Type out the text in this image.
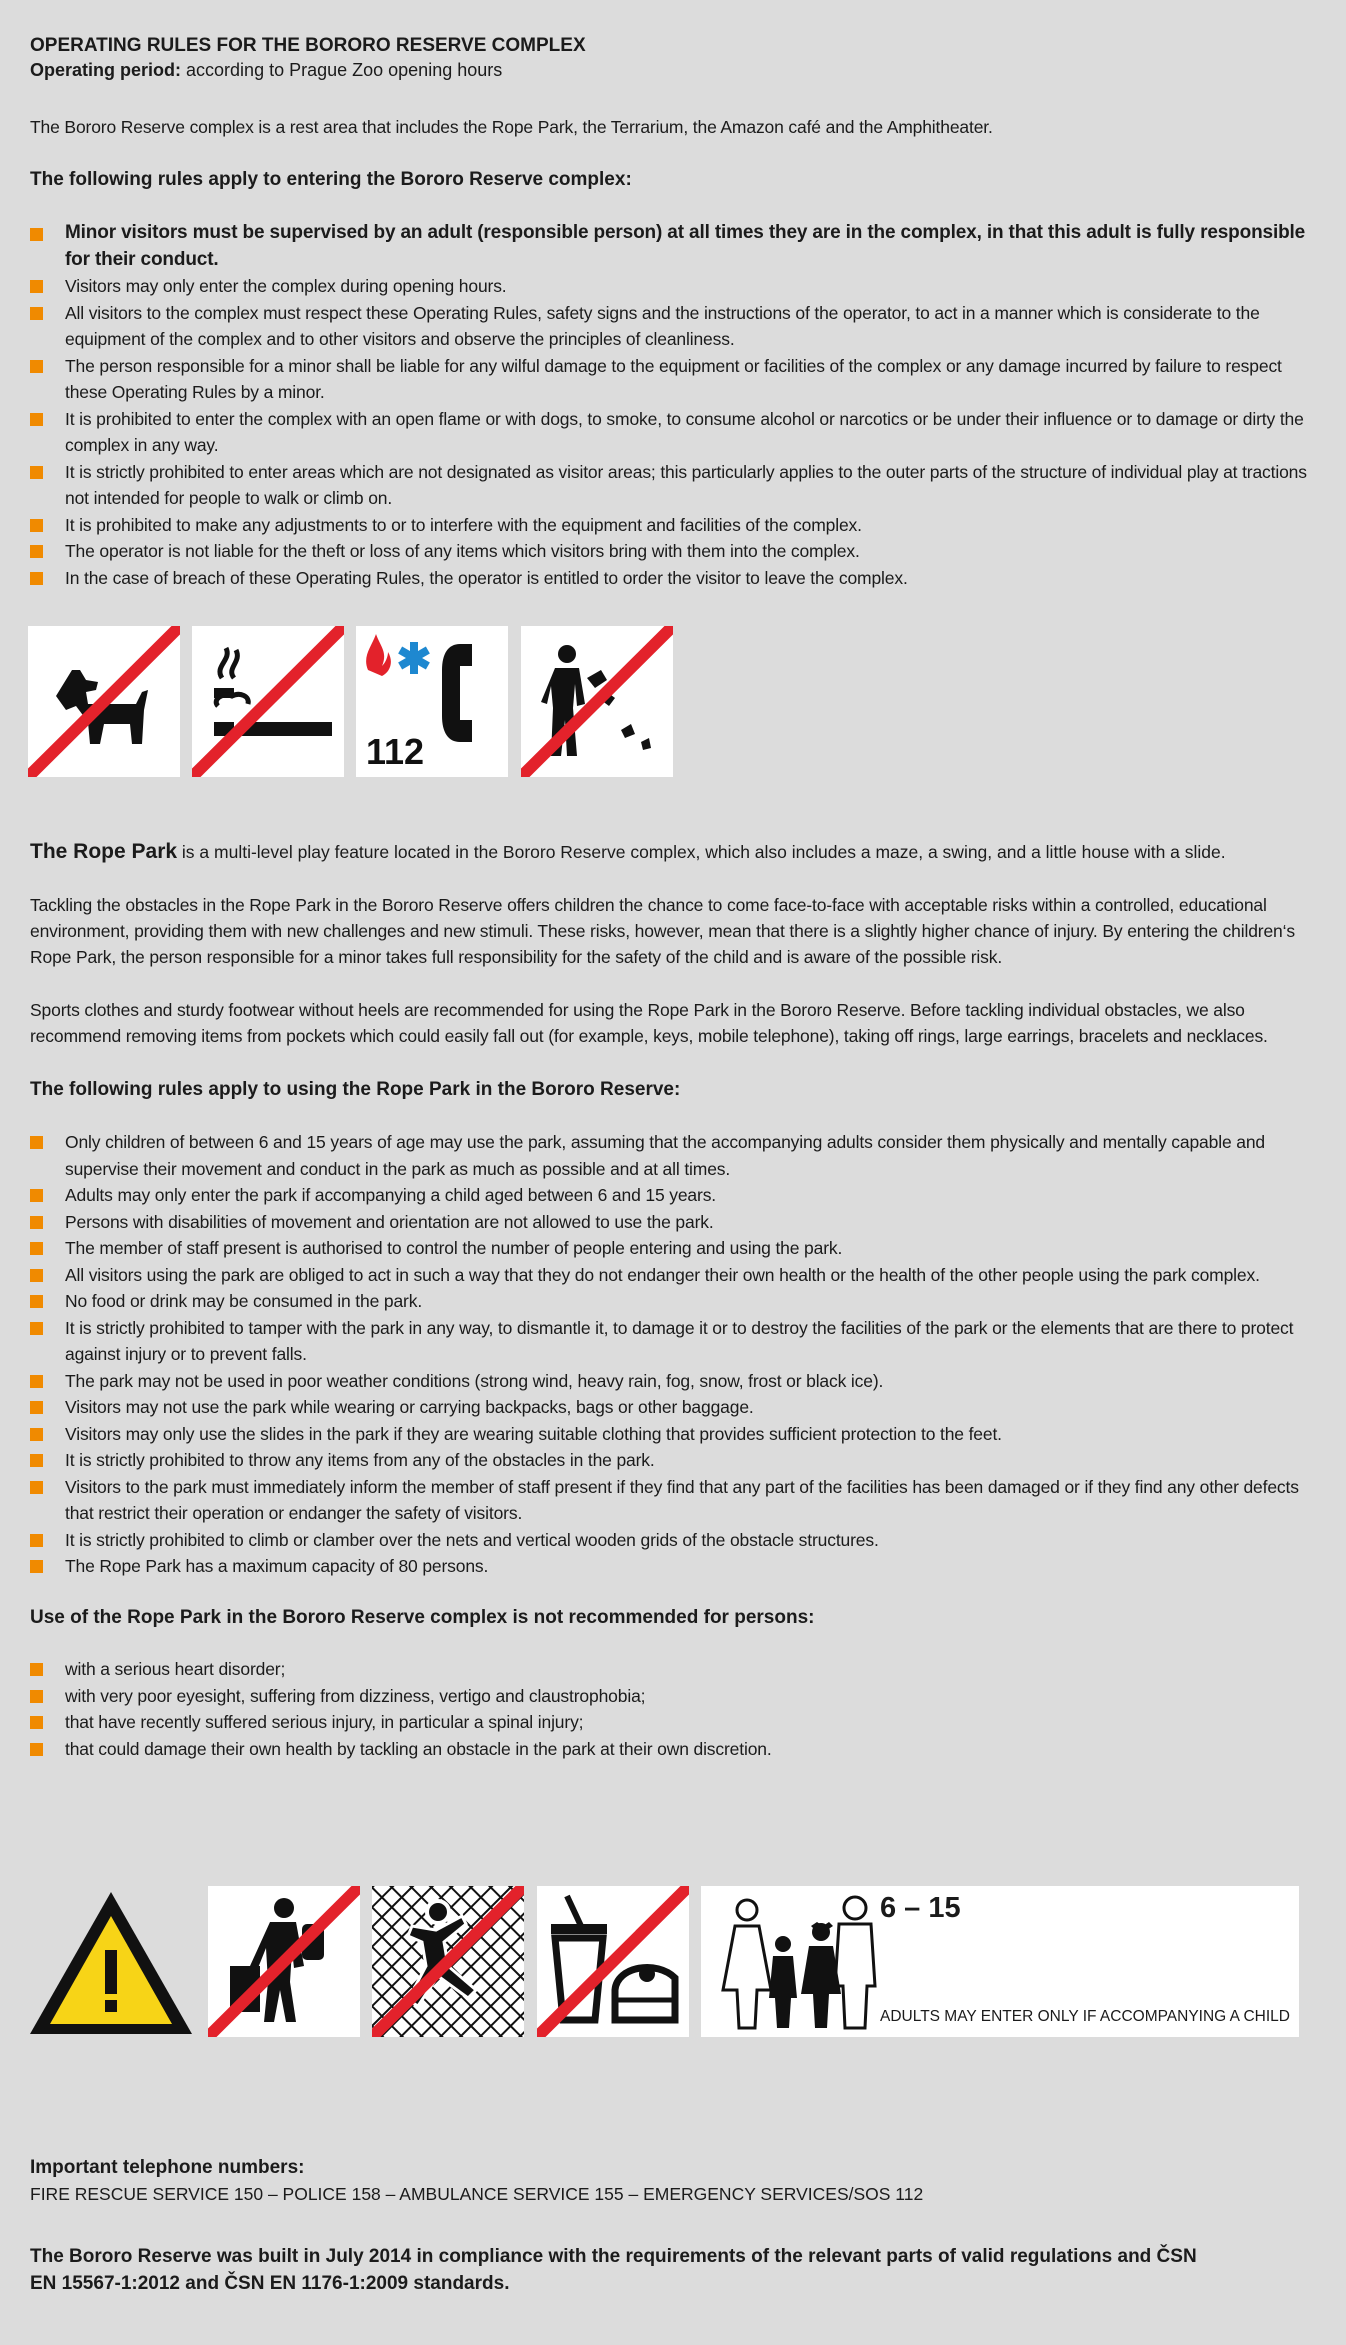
OPERATING RULES FOR THE BORORO RESERVE COMPLEX
Operating period: according to Prague Zoo opening hours

The Bororo Reserve complex is a rest area that includes the Rope Park, the Terrarium, the Amazon café and the Amphitheater.

The following rules apply to entering the Bororo Reserve complex:
Minor visitors must be supervised by an adult (responsible person) at all times they are in the complex, in that this adult is fully responsible for their conduct.
Visitors may only enter the complex during opening hours.
All visitors to the complex must respect these Operating Rules, safety signs and the instructions of the operator, to act in a manner which is considerate to the equipment of the complex and to other visitors and observe the principles of cleanliness.
The person responsible for a minor shall be liable for any wilful damage to the equipment or facilities of the complex or any damage incurred by failure to respect these Operating Rules by a minor.
It is prohibited to enter the complex with an open flame or with dogs, to smoke, to consume alcohol or narcotics or be under their influence or to damage or dirty the complex in any way.
It is strictly prohibited to enter areas which are not designated as visitor areas; this particularly applies to the outer parts of the structure of individual play at tractions not intended for people to walk or climb on.
It is prohibited to make any adjustments to or to interfere with the equipment and facilities of the complex.
The operator is not liable for the theft or loss of any items which visitors bring with them into the complex.
In the case of breach of these Operating Rules, the operator is entitled to order the visitor to leave the complex.
112

The Rope Park is a multi-level play feature located in the Bororo Reserve complex, which also includes a maze, a swing, and a little house with a slide.

Tackling the obstacles in the Rope Park in the Bororo Reserve offers children the chance to come face-to-face with acceptable risks within a controlled, educational environment, providing them with new challenges and new stimuli. These risks, however, mean that there is a slightly higher chance of injury. By entering the children‘s Rope Park, the person responsible for a minor takes full responsibility for the safety of the child and is aware of the possible risk.

Sports clothes and sturdy footwear without heels are recommended for using the Rope Park in the Bororo Reserve. Before tackling individual obstacles, we also recommend removing items from pockets which could easily fall out (for example, keys, mobile telephone), taking off rings, large earrings, bracelets and necklaces.

The following rules apply to using the Rope Park in the Bororo Reserve:
Only children of between 6 and 15 years of age may use the park, assuming that the accompanying adults consider them physically and mentally capable and supervise their movement and conduct in the park as much as possible and at all times.
Adults may only enter the park if accompanying a child aged between 6 and 15 years.
Persons with disabilities of movement and orientation are not allowed to use the park.
The member of staff present is authorised to control the number of people entering and using the park.
All visitors using the park are obliged to act in such a way that they do not endanger their own health or the health of the other people using the park complex.
No food or drink may be consumed in the park.
It is strictly prohibited to tamper with the park in any way, to dismantle it, to damage it or to destroy the facilities of the park or the elements that are there to protect against injury or to prevent falls.
The park may not be used in poor weather conditions (strong wind, heavy rain, fog, snow, frost or black ice).
Visitors may not use the park while wearing or carrying backpacks, bags or other baggage.
Visitors may only use the slides in the park if they are wearing suitable clothing that provides sufficient protection to the feet.
It is strictly prohibited to throw any items from any of the obstacles in the park.
Visitors to the park must immediately inform the member of staff present if they find that any part of the facilities has been damaged or if they find any other defects that restrict their operation or endanger the safety of visitors.
It is strictly prohibited to climb or clamber over the nets and vertical wooden grids of the obstacle structures.
The Rope Park has a maximum capacity of 80 persons.
Use of the Rope Park in the Bororo Reserve complex is not recommended for persons:
with a serious heart disorder;
with very poor eyesight, suffering from dizziness, vertigo and claustrophobia;
that have recently suffered serious injury, in particular a spinal injury;
that could damage their own health by tackling an obstacle in the park at their own discretion.
6 – 15
ADULTS MAY ENTER ONLY IF ACCOMPANYING A CHILD

Important telephone numbers:

FIRE RESCUE SERVICE 150 – POLICE 158 – AMBULANCE SERVICE 155 – EMERGENCY SERVICES/SOS 112

The Bororo Reserve was built in July 2014 in compliance with the requirements of the relevant parts of valid regulations and ČSN

EN 15567-1:2012 and ČSN EN 1176-1:2009 standards.
